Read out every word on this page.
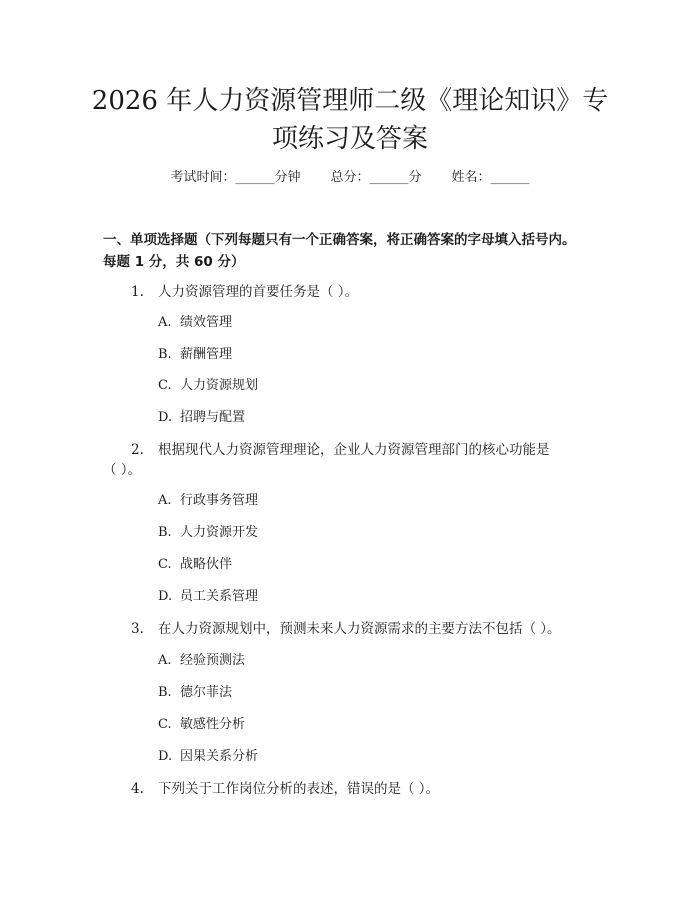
2026 年人力资源管理师二级《理论知识》专
项练习及答案
考试时间：______分钟 总分：______分 姓名：______
一、单项选择题（下列每题只有一个正确答案，将正确答案的字母填入括号内。
每题 1 分，共 60 分）
1.	人力资源管理的首要任务是（ ）。
A. 绩效管理
B. 薪酬管理
C. 人力资源规划
D. 招聘与配置
2.	根据现代人力资源管理理论，企业人力资源管理部门的核心功能是
（ ）。
A. 行政事务管理
B. 人力资源开发
C. 战略伙伴
D. 员工关系管理
3.	在人力资源规划中，预测未来人力资源需求的主要方法不包括（ ）。
A. 经验预测法
B. 德尔菲法
C. 敏感性分析
D. 因果关系分析
4.	下列关于工作岗位分析的表述，错误的是（ ）。
